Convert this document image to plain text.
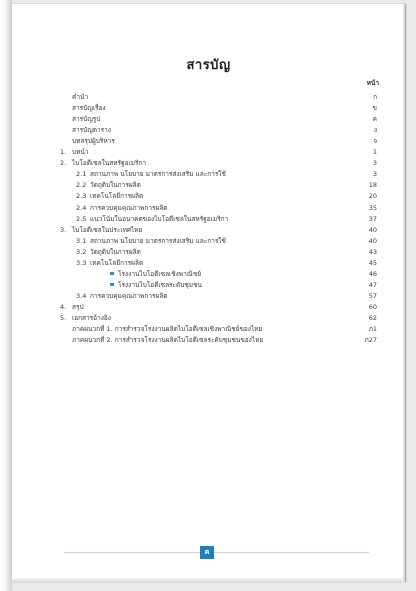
สารบัญ
หน้า
คำนำ	ก
สารบัญเรื่อง	ข
สารบัญรูป	ค
สารบัญตาราง	ง
บทสรุปผู้บริหาร	จ
1. บทนำ	1
2. ไบโอดีเซลในสหรัฐอเมริกา	3
2.1 สถานภาพ นโยบาย มาตรการส่งเสริม และการใช้	3
2.2 วัตถุดิบในการผลิต	18
2.3 เทคโนโลยีการผลิต	20
2.4 การควบคุมคุณภาพการผลิต	35
2.5 แนวโน้มในอนาคตของไบโอดีเซลในสหรัฐอเมริกา	37
3. ไบโอดีเซลในประเทศไทย	40
3.1 สถานภาพ นโยบาย มาตรการส่งเสริม และการใช้	40
3.2 วัตถุดิบในการผลิต	43
3.3 เทคโนโลยีการผลิต	45
โรงงานไบโอดีเซลเชิงพาณิชย์	46
โรงงานไบโอดีเซลระดับชุมชน	47
3.4 การควบคุมคุณภาพการผลิต	57
4. สรุป	60
5. เอกสารอ้างอิง	62
ภาคผนวกที่ 1. การสำรวจโรงงานผลิตไบโอดีเซลเชิงพาณิชย์ของไทย	ภ1
ภาคผนวกที่ 2. การสำรวจโรงงานผลิตไบโอดีเซลระดับชุมชนของไทย	ภ27
ค
